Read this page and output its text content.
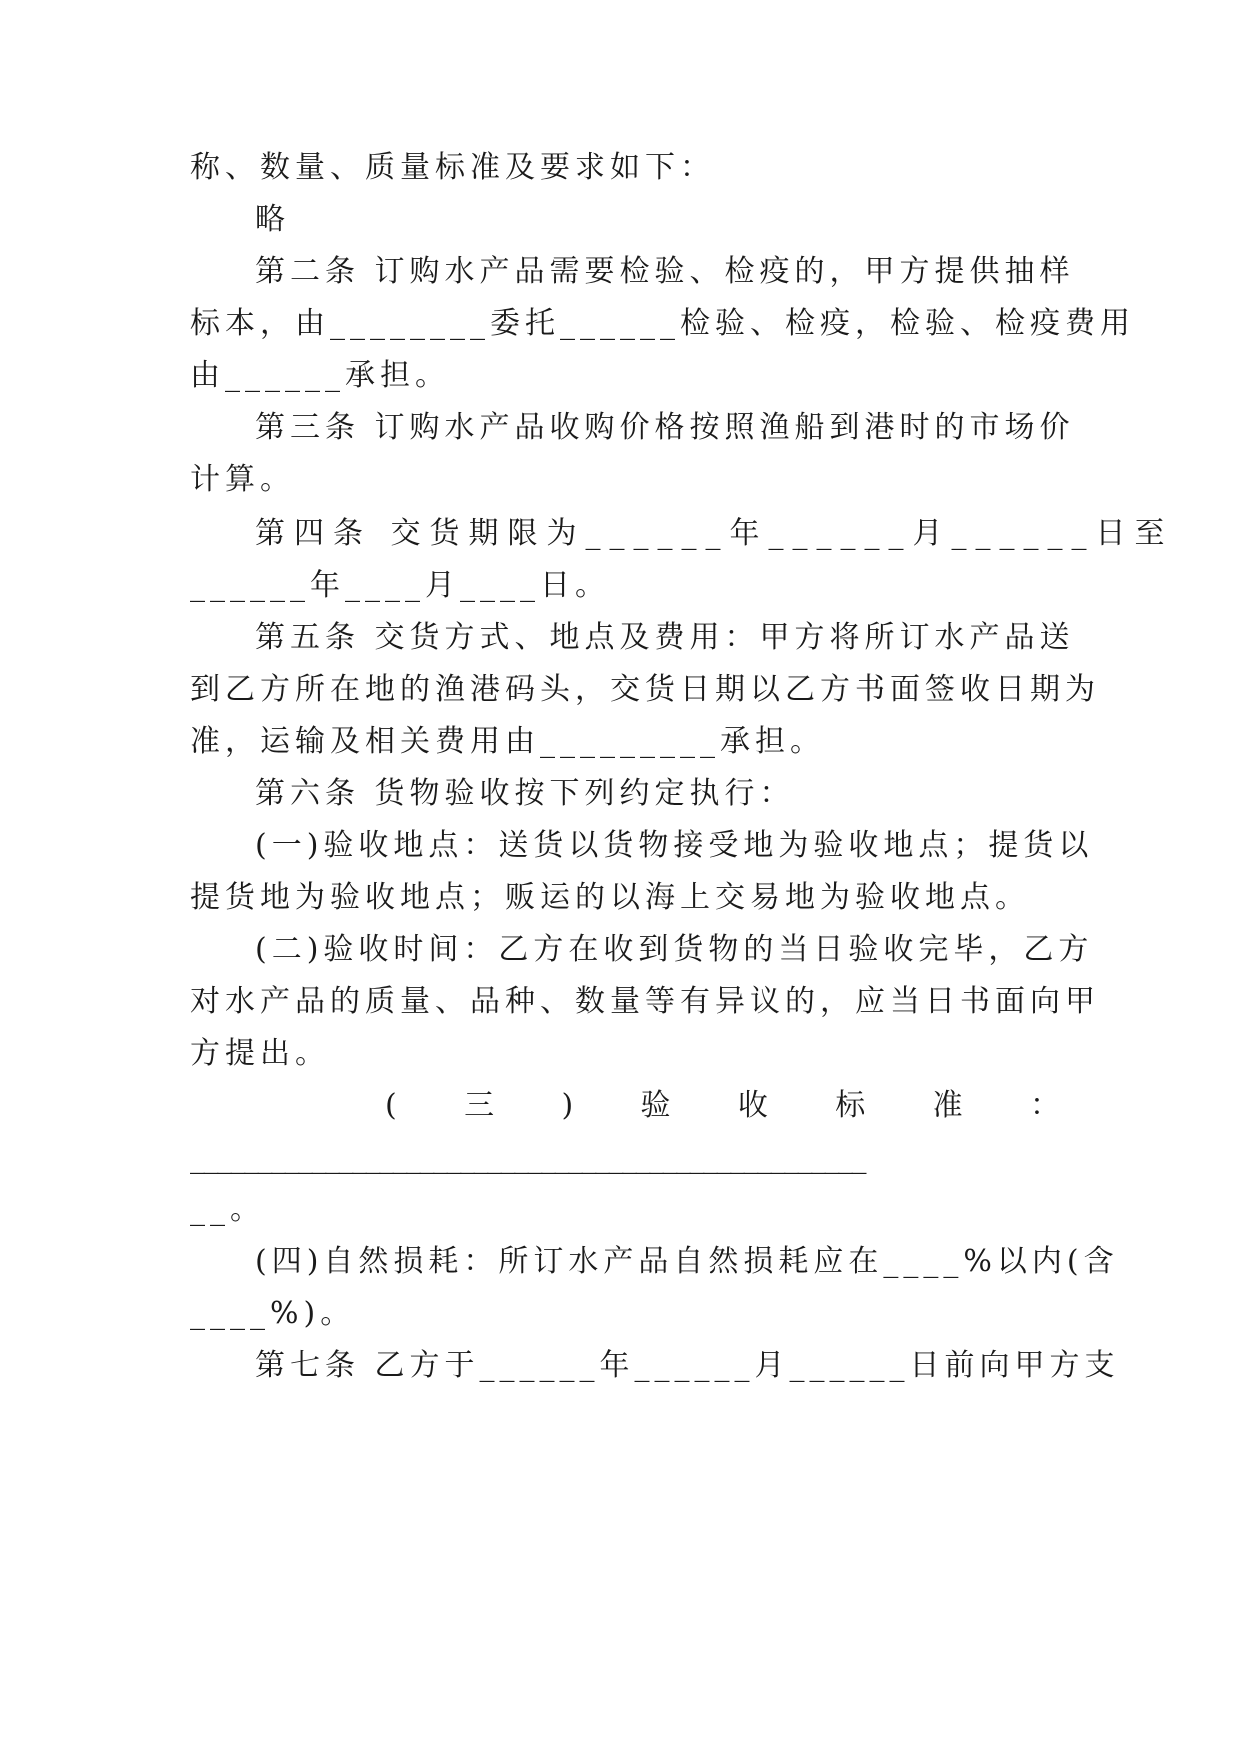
称、数量、质量标准及要求如下：
略
第二条 订购水产品需要检验、检疫的，甲方提供抽样
标本，由________委托______检验、检疫，检验、检疫费用
由______承担。
第三条 订购水产品收购价格按照渔船到港时的市场价
计算。
第四条 交货期限为______年______月______日至
______年____月____日。
第五条 交货方式、地点及费用：甲方将所订水产品送
到乙方所在地的渔港码头，交货日期以乙方书面签收日期为
准，运输及相关费用由_________承担。
第六条 货物验收按下列约定执行：
(一)验收地点：送货以货物接受地为验收地点；提货以
提货地为验收地点；贩运的以海上交易地为验收地点。
(二)验收时间：乙方在收到货物的当日验收完毕，乙方
对水产品的质量、品种、数量等有异议的，应当日书面向甲
方提出。
( 三 ) 验 收 标 准 ：
__________________________________________________
__。
(四)自然损耗：所订水产品自然损耗应在____%以内(含
____%)。
第七条 乙方于______年______月______日前向甲方支
